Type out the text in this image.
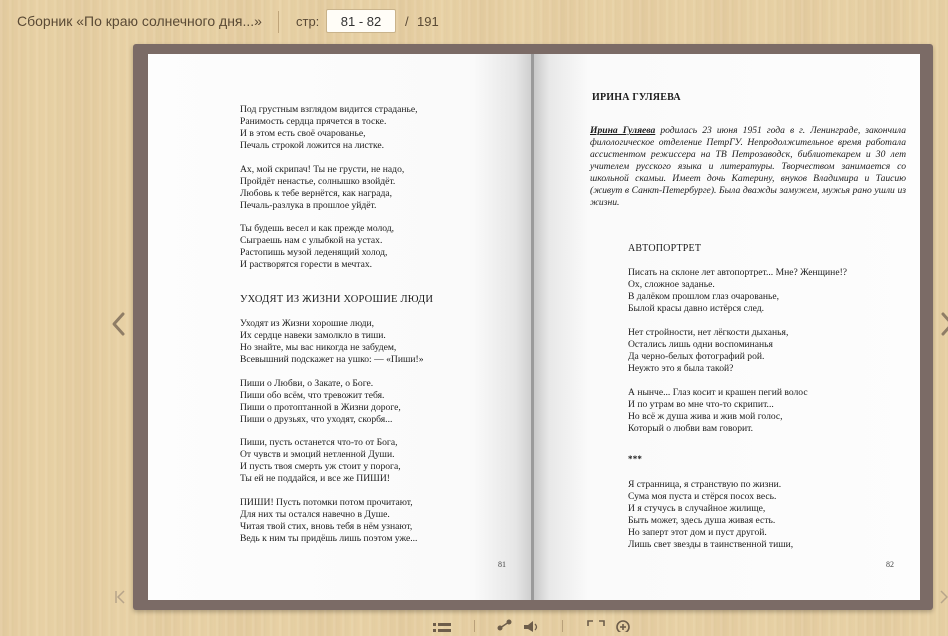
Сборник «По краю солнечного дня...»	стр:
81 - 82	/ 191
Под грустным взглядом видится страданье,
Ранимость сердца прячется в тоске.
И в этом есть своё очарованье,
Печаль строкой ложится на листке.
Ах, мой скрипач! Ты не грусти, не надо,
Пройдёт ненастье, солнышко взойдёт.
Любовь к тебе вернётся, как награда,
Печаль-разлука в прошлое уйдёт.
Ты будешь весел и как прежде молод,
Сыграешь нам с улыбкой на устах.
Растопишь музой леденящий холод,
И растворятся горести в мечтах.
УХОДЯТ ИЗ ЖИЗНИ ХОРОШИЕ ЛЮДИ
Уходят из Жизни хорошие люди,
Их сердце навеки замолкло в тиши.
Но знайте, мы вас никогда не забудем,
Всевышний подскажет на ушко: — «Пиши!»
Пиши о Любви, о Закате, о Боге.
Пиши обо всём, что тревожит тебя.
Пиши о протоптанной в Жизни дороге,
Пиши о друзьях, что уходят, скорбя...
Пиши, пусть останется что-то от Бога,
От чувств и эмоций нетленной Души.
И пусть твоя смерть уж стоит у порога,
Ты ей не поддайся, и все же ПИШИ!
ПИШИ! Пусть потомки потом прочитают,
Для них ты остался навечно в Душе.
Читая твой стих, вновь тебя в нём узнают,
Ведь к ним ты придёшь лишь поэтом уже...
81
ИРИНА ГУЛЯЕВА
Ирина Гуляева родилась 23 июня 1951 года в г. Ленинграде, закончила филологическое отделение ПетрГУ. Непродолжительное время работала ассистентом режиссера на ТВ Петрозаводск, библиотекарем и 30 лет учителем русского языка и литературы. Творчеством занимается со школьной скамьи. Имеет дочь Катерину, внуков Владимира и Таисию (живут в Санкт-Петербурге). Была дважды замужем, мужья рано ушли из жизни.
АВТОПОРТРЕТ
Писать на склоне лет автопортрет... Мне? Женщине!?
Ох, сложное заданье.
В далёком прошлом глаз очарованье,
Былой красы давно истёрся след.
Нет стройности, нет лёгкости дыханья,
Остались лишь одни воспоминанья
Да черно-белых фотографий рой.
Неужто это я была такой?
А нынче... Глаз косит и крашен пегий волос
И по утрам во мне что-то скрипит...
Но всё ж душа жива и жив мой голос,
Который о любви вам говорит.
***
Я странница, я странствую по жизни.
Сума моя пуста и стёрся посох весь.
И я стучусь в случайное жилище,
Быть может, здесь душа живая есть.
Но заперт этот дом и пуст другой.
Лишь свет звезды в таинственной тиши,
82
